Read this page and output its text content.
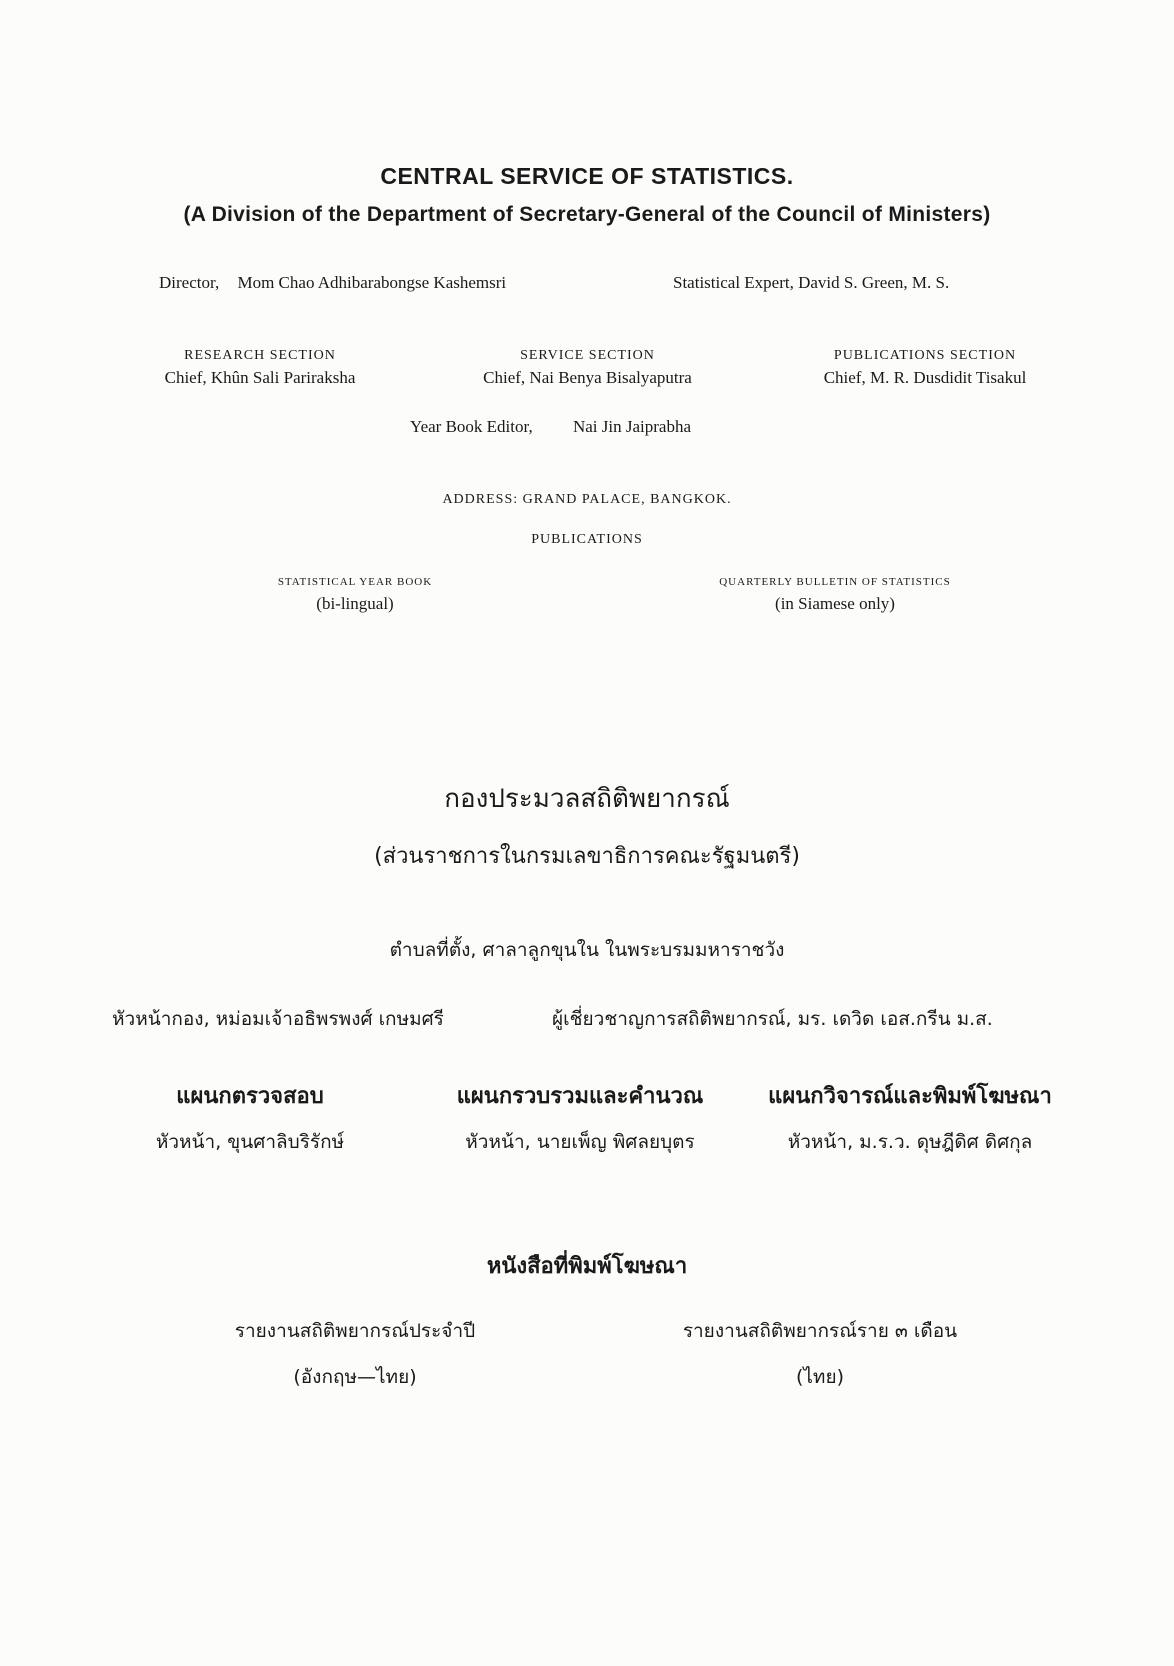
CENTRAL SERVICE OF STATISTICS.
(A Division of the Department of Secretary-General of the Council of Ministers)
Director, Mom Chao Adhibarabongse Kashemsri	Statistical Expert, David S. Green, M. S.
RESEARCH SECTION
Chief, Khûn Sali Pariraksha
SERVICE SECTION
Chief, Nai Benya Bisalyaputra
PUBLICATIONS SECTION
Chief, M. R. Dusdidit Tisakul
Year Book Editor, Nai Jin Jaiprabha
ADDRESS: GRAND PALACE, BANGKOK.
PUBLICATIONS
STATISTICAL YEAR BOOK
(bi-lingual)
QUARTERLY BULLETIN OF STATISTICS
(in Siamese only)
กองประมวลสถิติพยากรณ์
(ส่วนราชการในกรมเลขาธิการคณะรัฐมนตรี)
ตำบลที่ตั้ง, ศาลาลูกขุนใน ในพระบรมมหาราชวัง
หัวหน้ากอง, หม่อมเจ้าอธิพรพงศ์ เกษมศรี	ผู้เชี่ยวชาญการสถิติพยากรณ์, มร. เดวิด เอส.กรีน ม.ส.
แผนกตรวจสอบ
หัวหน้า, ขุนศาลิบริรักษ์
แผนกรวบรวมและคำนวณ
หัวหน้า, นายเพ็ญ พิศลยบุตร
แผนกวิจารณ์และพิมพ์โฆษณา
หัวหน้า, ม.ร.ว. ดุษฎีดิศ ดิศกุล
หนังสือที่พิมพ์โฆษณา
รายงานสถิติพยากรณ์ประจำปี
(อังกฤษ—ไทย)
รายงานสถิติพยากรณ์ราย ๓ เดือน
(ไทย)
